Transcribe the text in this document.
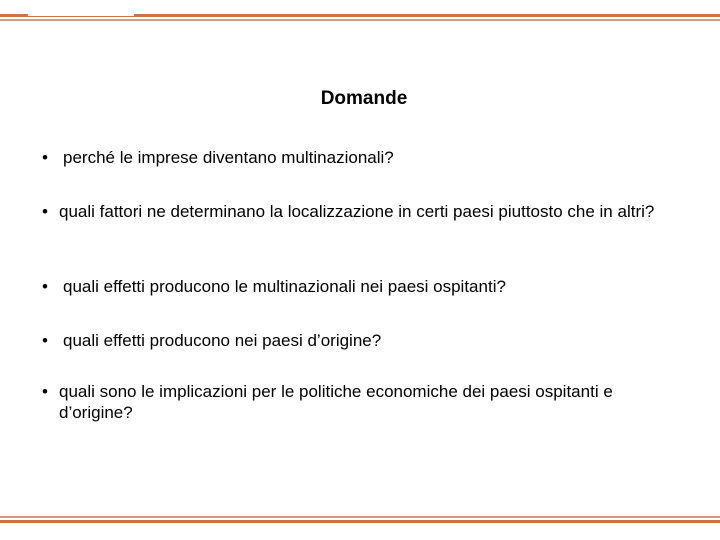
Domande
• perché le imprese diventano multinazionali?
• quali fattori ne determinano la localizzazione in certi paesi piuttosto che in altri?
• quali effetti producono le multinazionali nei paesi ospitanti?
• quali effetti producono nei paesi d’origine?
• quali sono le implicazioni per le politiche economiche dei paesi ospitanti e d’origine?
